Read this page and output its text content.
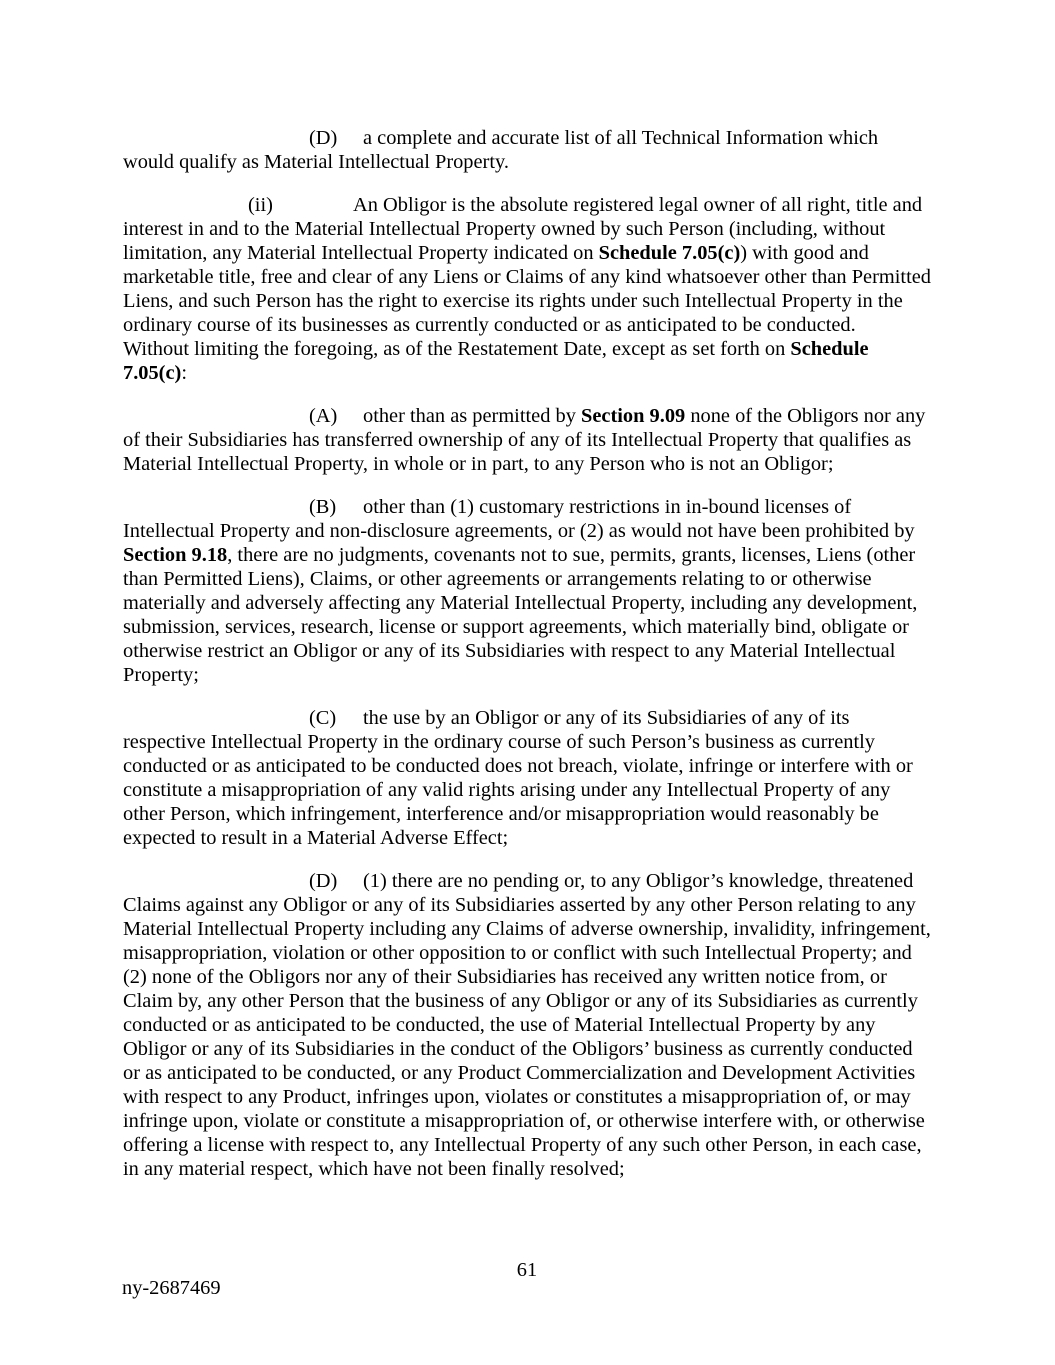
(D) a complete and accurate list of all Technical Information which would qualify as Material Intellectual Property.

(ii)	An Obligor is the absolute registered legal owner of all right, title and interest in and to the Material Intellectual Property owned by such Person (including, without limitation, any Material Intellectual Property indicated on Schedule 7.05(c)) with good and marketable title, free and clear of any Liens or Claims of any kind whatsoever other than Permitted Liens, and such Person has the right to exercise its rights under such Intellectual Property in the ordinary course of its businesses as currently conducted or as anticipated to be conducted.  Without limiting the foregoing, as of the Restatement Date, except as set forth on Schedule 7.05(c):

(A) other than as permitted by Section 9.09 none of the Obligors nor any of their Subsidiaries has transferred ownership of any of its Intellectual Property that qualifies as Material Intellectual Property, in whole or in part, to any Person who is not an Obligor;

(B) other than (1) customary restrictions in in-bound licenses of Intellectual Property and non-disclosure agreements, or (2) as would not have been prohibited by Section 9.18, there are no judgments, covenants not to sue, permits, grants, licenses, Liens (other than Permitted Liens), Claims, or other agreements or arrangements relating to or otherwise materially and adversely affecting any Material Intellectual Property, including any development, submission, services, research, license or support agreements, which materially bind, obligate or otherwise restrict an Obligor or any of its Subsidiaries with respect to any Material Intellectual Property;

(C) the use by an Obligor or any of its Subsidiaries of any of its respective Intellectual Property in the ordinary course of such Person’s business as currently conducted or as anticipated to be conducted does not breach, violate, infringe or interfere with or constitute a misappropriation of any valid rights arising under any Intellectual Property of any other Person, which infringement, interference and/or misappropriation would reasonably be expected to result in a Material Adverse Effect;

(D) (1) there are no pending or, to any Obligor’s knowledge, threatened Claims against any Obligor or any of its Subsidiaries asserted by any other Person relating to any Material Intellectual Property including any Claims of adverse ownership, invalidity, infringement, misappropriation, violation or other opposition to or conflict with such Intellectual Property; and (2) none of the Obligors nor any of their Subsidiaries has received any written notice from, or Claim by, any other Person that the business of any Obligor or any of its Subsidiaries as currently conducted or as anticipated to be conducted, the use of Material Intellectual Property by any Obligor or any of its Subsidiaries in the conduct of the Obligors’ business as currently conducted or as anticipated to be conducted, or any Product Commercialization and Development Activities with respect to any Product, infringes upon, violates or constitutes a misappropriation of, or may infringe upon, violate or constitute a misappropriation of, or otherwise interfere with, or otherwise offering a license with respect to, any Intellectual Property of any such other Person, in each case, in any material respect, which have not been finally resolved;

61
ny-2687469
